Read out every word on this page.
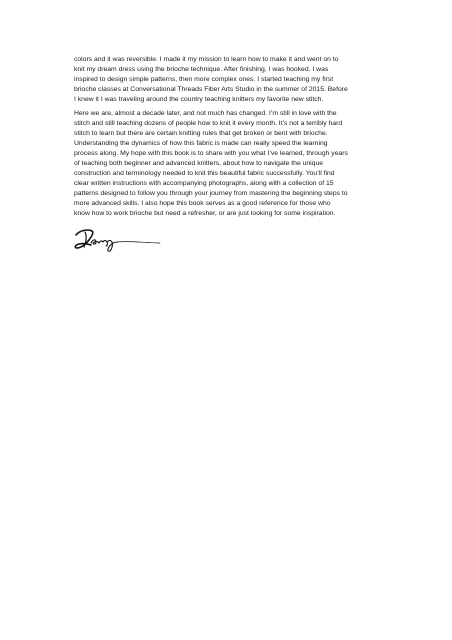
colors and it was reversible. I made it my mission to learn how to make it and went on to
knit my dream dress using the brioche technique. After finishing, I was hooked. I was
inspired to design simple patterns, then more complex ones. I started teaching my first
brioche classes at Conversational Threads Fiber Arts Studio in the summer of 2015. Before
I knew it I was traveling around the country teaching knitters my favorite new stitch.

Here we are, almost a decade later, and not much has changed. I’m still in love with the
stitch and still teaching dozens of people how to knit it every month. It’s not a terribly hard
stitch to learn but there are certain knitting rules that get broken or bent with brioche.
Understanding the dynamics of how this fabric is made can really speed the learning
process along. My hope with this book is to share with you what I’ve learned, through years
of teaching both beginner and advanced knitters, about how to navigate the unique
construction and terminology needed to knit this beautiful fabric successfully. You’ll find
clear written instructions with accompanying photographs, along with a collection of 15
patterns designed to follow you through your journey from mastering the beginning steps to
more advanced skills. I also hope this book serves as a good reference for those who
know how to work brioche but need a refresher, or are just looking for some inspiration.
